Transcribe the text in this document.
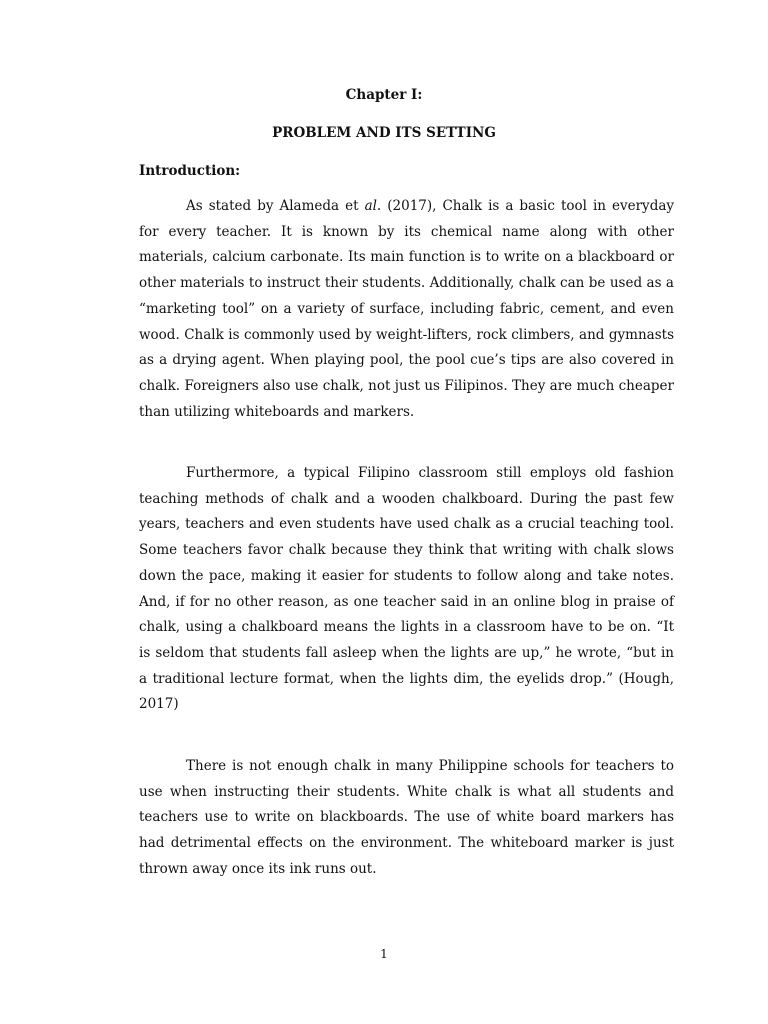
Chapter I:
PROBLEM AND ITS SETTING
Introduction:

As stated by Alameda et al. (2017), Chalk is a basic tool in everyday for every teacher. It is known by its chemical name along with other materials, calcium carbonate. Its main function is to write on a blackboard or other materials to instruct their students. Additionally, chalk can be used as a “marketing tool” on a variety of surface, including fabric, cement, and even wood. Chalk is commonly used by weight-lifters, rock climbers, and gymnasts as a drying agent. When playing pool, the pool cue’s tips are also covered in chalk. Foreigners also use chalk, not just us Filipinos. They are much cheaper than utilizing whiteboards and markers.

Furthermore, a typical Filipino classroom still employs old fashion teaching methods of chalk and a wooden chalkboard. During the past few years, teachers and even students have used chalk as a crucial teaching tool. Some teachers favor chalk because they think that writing with chalk slows down the pace, making it easier for students to follow along and take notes. And, if for no other reason, as one teacher said in an online blog in praise of chalk, using a chalkboard means the lights in a classroom have to be on. “It is seldom that students fall asleep when the lights are up,” he wrote, “but in a traditional lecture format, when the lights dim, the eyelids drop.” (Hough, 2017)

There is not enough chalk in many Philippine schools for teachers to use when instructing their students. White chalk is what all students and teachers use to write on blackboards. The use of white board markers has had detrimental effects on the environment. The whiteboard marker is just thrown away once its ink runs out.

1
